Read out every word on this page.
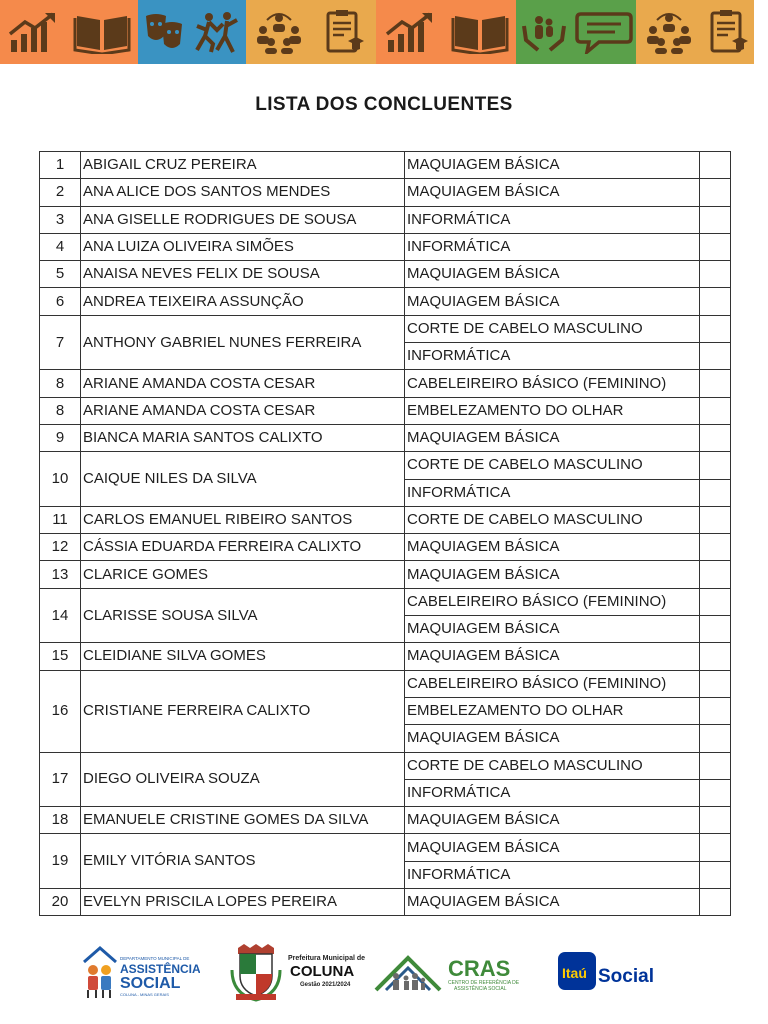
LISTA DOS CONCLUENTES
1	ABIGAIL CRUZ PEREIRA	MAQUIAGEM BÁSICA	
2	ANA ALICE DOS SANTOS MENDES	MAQUIAGEM BÁSICA	
3	ANA GISELLE RODRIGUES DE SOUSA	INFORMÁTICA	
4	ANA LUIZA OLIVEIRA SIMÕES	INFORMÁTICA	
5	ANAISA NEVES FELIX DE SOUSA	MAQUIAGEM BÁSICA	
6	ANDREA TEIXEIRA ASSUNÇÃO	MAQUIAGEM BÁSICA	
7	ANTHONY GABRIEL NUNES FERREIRA	CORTE DE CABELO MASCULINO	
		INFORMÁTICA	
8	ARIANE AMANDA COSTA CESAR	CABELEIREIRO BÁSICO (FEMININO)	
8	ARIANE AMANDA COSTA CESAR	EMBELEZAMENTO DO OLHAR	
9	BIANCA MARIA SANTOS CALIXTO	MAQUIAGEM BÁSICA	
10	CAIQUE NILES DA SILVA	CORTE DE CABELO MASCULINO	
		INFORMÁTICA	
11	CARLOS EMANUEL RIBEIRO SANTOS	CORTE DE CABELO MASCULINO	
12	CÁSSIA EDUARDA FERREIRA CALIXTO	MAQUIAGEM BÁSICA	
13	CLARICE GOMES	MAQUIAGEM BÁSICA	
14	CLARISSE SOUSA SILVA	CABELEIREIRO BÁSICO (FEMININO)	
		MAQUIAGEM BÁSICA	
15	CLEIDIANE SILVA GOMES	MAQUIAGEM BÁSICA	
16	CRISTIANE FERREIRA CALIXTO	CABELEIREIRO BÁSICO (FEMININO)	
		EMBELEZAMENTO DO OLHAR	
		MAQUIAGEM BÁSICA	
17	DIEGO OLIVEIRA SOUZA	CORTE DE CABELO MASCULINO	
		INFORMÁTICA	
18	EMANUELE CRISTINE GOMES DA SILVA	MAQUIAGEM BÁSICA	
19	EMILY VITÓRIA SANTOS	MAQUIAGEM BÁSICA	
		INFORMÁTICA	
20	EVELYN PRISCILA LOPES PEREIRA	MAQUIAGEM BÁSICA	
DEPARTAMENTO MUNICIPAL DE
ASSISTÊNCIA
SOCIAL
COLUNA - MINAS GERAIS
Prefeitura Municipal de
COLUNA
Gestão 2021/2024
CRAS
CENTRO DE REFERÊNCIA DE
ASSISTÊNCIA SOCIAL
Itaú Social
